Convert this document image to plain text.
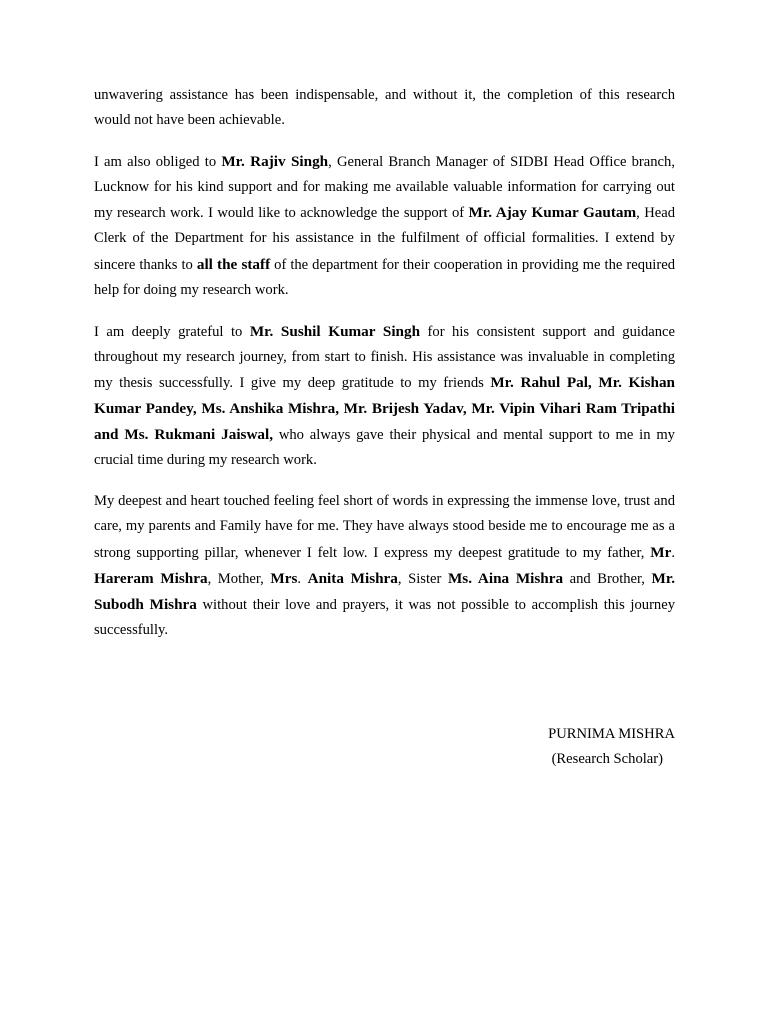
unwavering assistance has been indispensable, and without it, the completion of this research would not have been achievable.

I am also obliged to Mr. Rajiv Singh, General Branch Manager of SIDBI Head Office branch, Lucknow for his kind support and for making me available valuable information for carrying out my research work. I would like to acknowledge the support of Mr. Ajay Kumar Gautam, Head Clerk of the Department for his assistance in the fulfilment of official formalities. I extend by sincere thanks to all the staff of the department for their cooperation in providing me the required help for doing my research work.

I am deeply grateful to Mr. Sushil Kumar Singh for his consistent support and guidance throughout my research journey, from start to finish. His assistance was invaluable in completing my thesis successfully. I give my deep gratitude to my friends Mr. Rahul Pal, Mr. Kishan Kumar Pandey, Ms. Anshika Mishra, Mr. Brijesh Yadav, Mr. Vipin Vihari Ram Tripathi and Ms. Rukmani Jaiswal, who always gave their physical and mental support to me in my crucial time during my research work.

My deepest and heart touched feeling feel short of words in expressing the immense love, trust and care, my parents and Family have for me. They have always stood beside me to encourage me as a strong supporting pillar, whenever I felt low. I express my deepest gratitude to my father, Mr. Hareram Mishra, Mother, Mrs. Anita Mishra, Sister Ms. Aina Mishra and Brother, Mr. Subodh Mishra without their love and prayers, it was not possible to accomplish this journey successfully.

PURNIMA MISHRA
(Research Scholar)
